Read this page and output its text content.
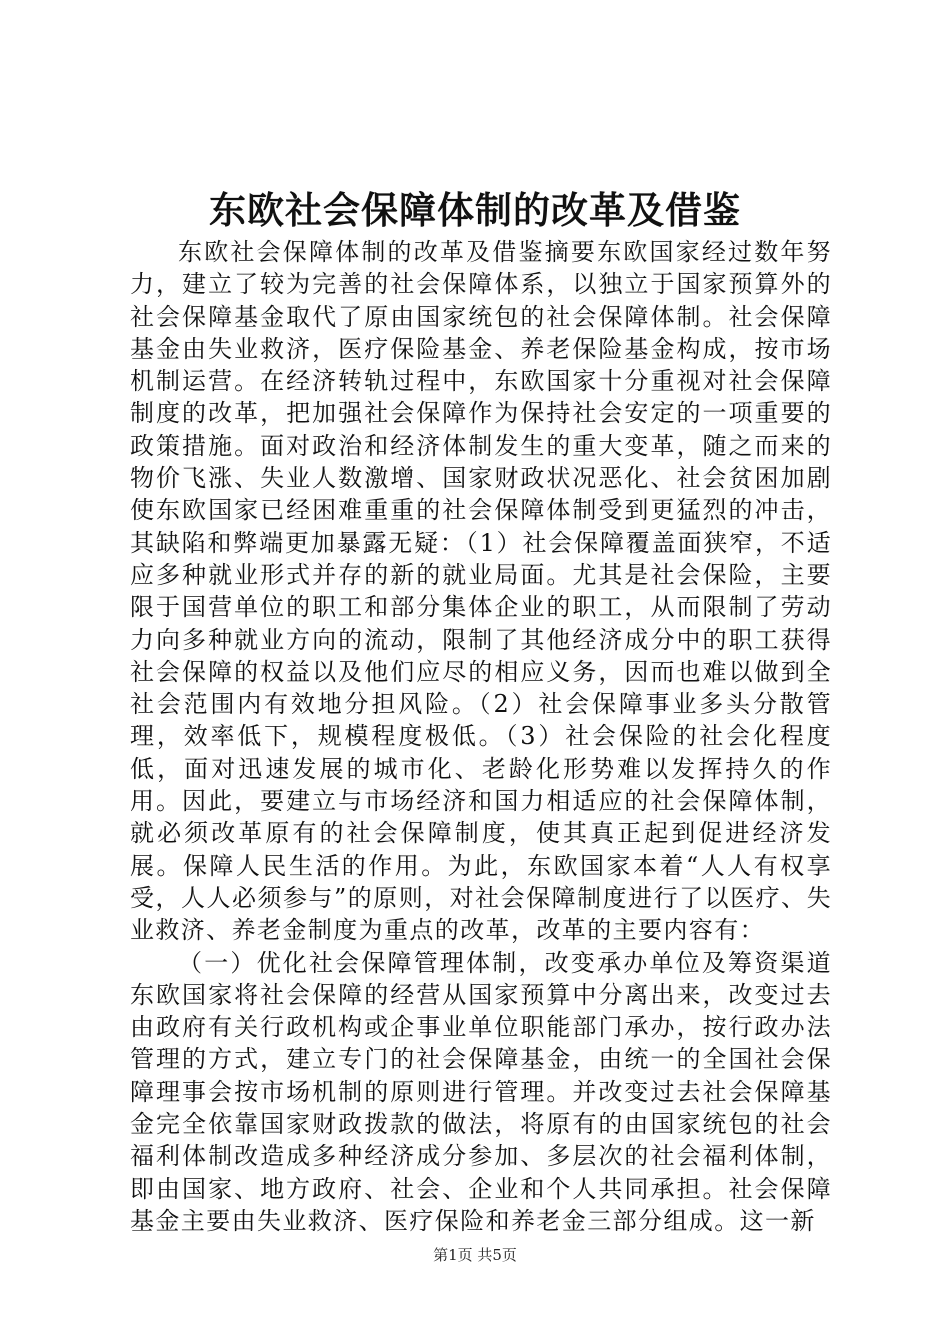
东欧社会保障体制的改革及借鉴

东欧社会保障体制的改革及借鉴摘要东欧国家经过数年努力，建立了较为完善的社会保障体系，以独立于国家预算外的社会保障基金取代了原由国家统包的社会保障体制。社会保障基金由失业救济，医疗保险基金、养老保险基金构成，按市场机制运营。在经济转轨过程中，东欧国家十分重视对社会保障制度的改革，把加强社会保障作为保持社会安定的一项重要的政策措施。面对政治和经济体制发生的重大变革，随之而来的物价飞涨、失业人数激增、国家财政状况恶化、社会贫困加剧使东欧国家已经困难重重的社会保障体制受到更猛烈的冲击，其缺陷和弊端更加暴露无疑：（1）社会保障覆盖面狭窄，不适应多种就业形式并存的新的就业局面。尤其是社会保险，主要限于国营单位的职工和部分集体企业的职工，从而限制了劳动力向多种就业方向的流动，限制了其他经济成分中的职工获得社会保障的权益以及他们应尽的相应义务，因而也难以做到全社会范围内有效地分担风险。（2）社会保障事业多头分散管理，效率低下，规模程度极低。（3）社会保险的社会化程度低，面对迅速发展的城市化、老龄化形势难以发挥持久的作用。因此，要建立与市场经济和国力相适应的社会保障体制，就必须改革原有的社会保障制度，使其真正起到促进经济发展。保障人民生活的作用。为此，东欧国家本着“人人有权享受，人人必须参与”的原则，对社会保障制度进行了以医疗、失业救济、养老金制度为重点的改革，改革的主要内容有：

（一）优化社会保障管理体制，改变承办单位及筹资渠道东欧国家将社会保障的经营从国家预算中分离出来，改变过去由政府有关行政机构或企事业单位职能部门承办，按行政办法管理的方式，建立专门的社会保障基金，由统一的全国社会保障理事会按市场机制的原则进行管理。并改变过去社会保障基金完全依靠国家财政拨款的做法，将原有的由国家统包的社会福利体制改造成多种经济成分参加、多层次的社会福利体制，即由国家、地方政府、社会、企业和个人共同承担。社会保障基金主要由失业救济、医疗保险和养老金三部分组成。这一新

第1页 共5页
